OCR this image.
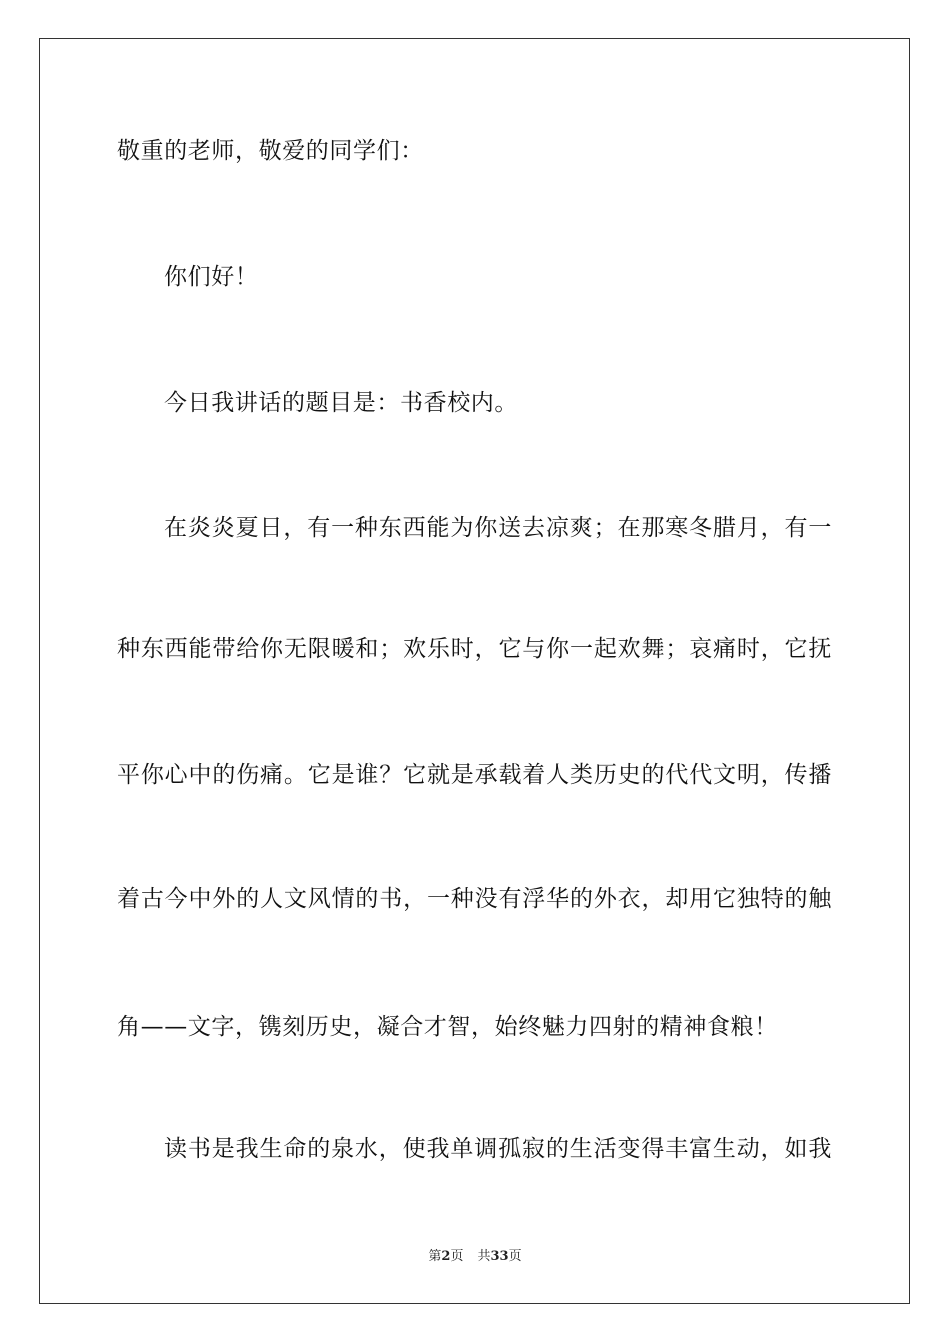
敬重的老师，敬爱的同学们：
你们好！
今日我讲话的题目是：书香校内。
在炎炎夏日，有一种东西能为你送去凉爽；在那寒冬腊月，有一
种东西能带给你无限暖和；欢乐时，它与你一起欢舞；哀痛时，它抚
平你心中的伤痛。它是谁？它就是承载着人类历史的代代文明，传播
着古今中外的人文风情的书，一种没有浮华的外衣，却用它独特的触
角——文字，镌刻历史，凝合才智，始终魅力四射的精神食粮！
读书是我生命的泉水，使我单调孤寂的生活变得丰富生动，如我
第2页 共33页
